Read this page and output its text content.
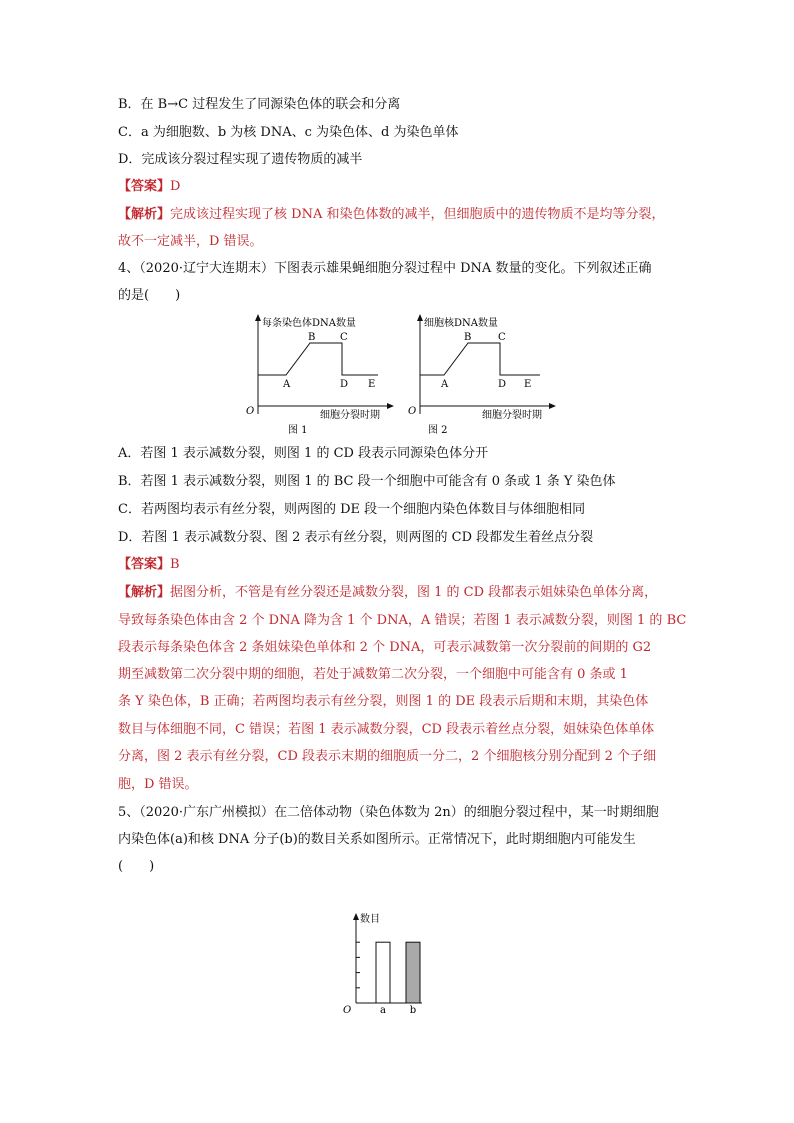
B．在 B→C 过程发生了同源染色体的联会和分离
C．a 为细胞数、b 为核 DNA、c 为染色体、d 为染色单体
D．完成该分裂过程实现了遗传物质的减半
【答案】D
【解析】完成该过程实现了核 DNA 和染色体数的减半，但细胞质中的遗传物质不是均等分裂，
故不一定减半，D 错误。
4、（2020·辽宁大连期末）下图表示雄果蝇细胞分裂过程中 DNA 数量的变化。下列叙述正确
的是(　　)
每条染色体DNA数量
O
A
B C
D E
细胞分裂时期
图 1
细胞核DNA数量
O
A
B	C
D E
细胞分裂时期
图 2
A．若图 1 表示减数分裂，则图 1 的 CD 段表示同源染色体分开
B．若图 1 表示减数分裂，则图 1 的 BC 段一个细胞中可能含有 0 条或 1 条 Y 染色体
C．若两图均表示有丝分裂，则两图的 DE 段一个细胞内染色体数目与体细胞相同
D．若图 1 表示减数分裂、图 2 表示有丝分裂，则两图的 CD 段都发生着丝点分裂
【答案】B
【解析】据图分析，不管是有丝分裂还是减数分裂，图 1 的 CD 段都表示姐妹染色单体分离，
导致每条染色体由含 2 个 DNA 降为含 1 个 DNA，A 错误；若图 1 表示减数分裂，则图 1 的 BC
段表示每条染色体含 2 条姐妹染色单体和 2 个 DNA，可表示减数第一次分裂前的间期的 G2
期至减数第二次分裂中期的细胞，若处于减数第二次分裂，一个细胞中可能含有 0 条或 1
条 Y 染色体，B 正确；若两图均表示有丝分裂，则图 1 的 DE 段表示后期和末期，其染色体
数目与体细胞不同，C 错误；若图 1 表示减数分裂，CD 段表示着丝点分裂，姐妹染色体单体
分离，图 2 表示有丝分裂，CD 段表示末期的细胞质一分二，2 个细胞核分别分配到 2 个子细
胞，D 错误。
5、（2020·广东广州模拟）在二倍体动物（染色体数为 2n）的细胞分裂过程中，某一时期细胞
内染色体(a)和核 DNA 分子(b)的数目关系如图所示。正常情况下，此时期细胞内可能发生
(　　)
数目
O	a b
